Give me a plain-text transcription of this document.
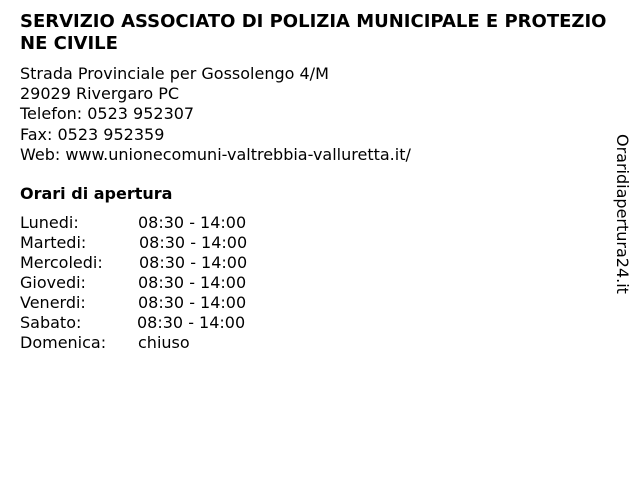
SERVIZIO ASSOCIATO DI POLIZIA MUNICIPALE E PROTEZIONE CIVILE
Strada Provinciale per Gossolengo 4/M
29029 Rivergaro PC
Telefon: 0523 952307
Fax: 0523 952359
Web: www.unionecomuni-valtrebbia-valluretta.it/
Orari di apertura
Lunedi:	08:30 - 14:00
Martedi:	08:30 - 14:00
Mercoledi: 08:30 - 14:00
Giovedi:	08:30 - 14:00
Venerdi:	08:30 - 14:00
Sabato:	08:30 - 14:00
Domenica: chiuso
Oraridiapertura24.it
